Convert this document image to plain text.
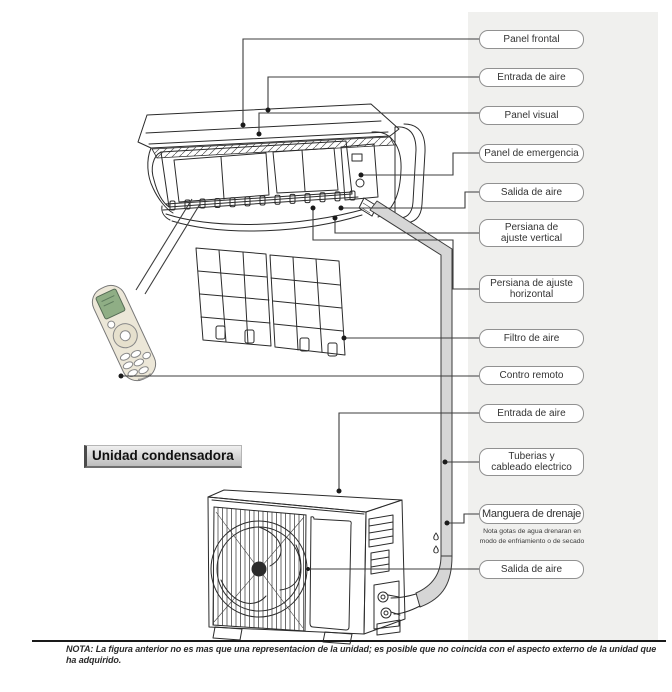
Panel frontal
Entrada de aire
Panel visual
Panel de emergencia
Salida de aire
Persiana de
ajuste vertical
Persiana de ajuste
horizontal
Filtro de aire
Contro remoto
Entrada de aire
Tuberias y
cableado electrico
Manguera de drenaje
Salida de aire
Nota gotas de agua drenaran en
modo de enfriamiento o de secado
Unidad condensadora
NOTA: La figura anterior no es mas que una representacion de la unidad; es posible que no coincida con el aspecto externo de la unidad que ha adquirido.
